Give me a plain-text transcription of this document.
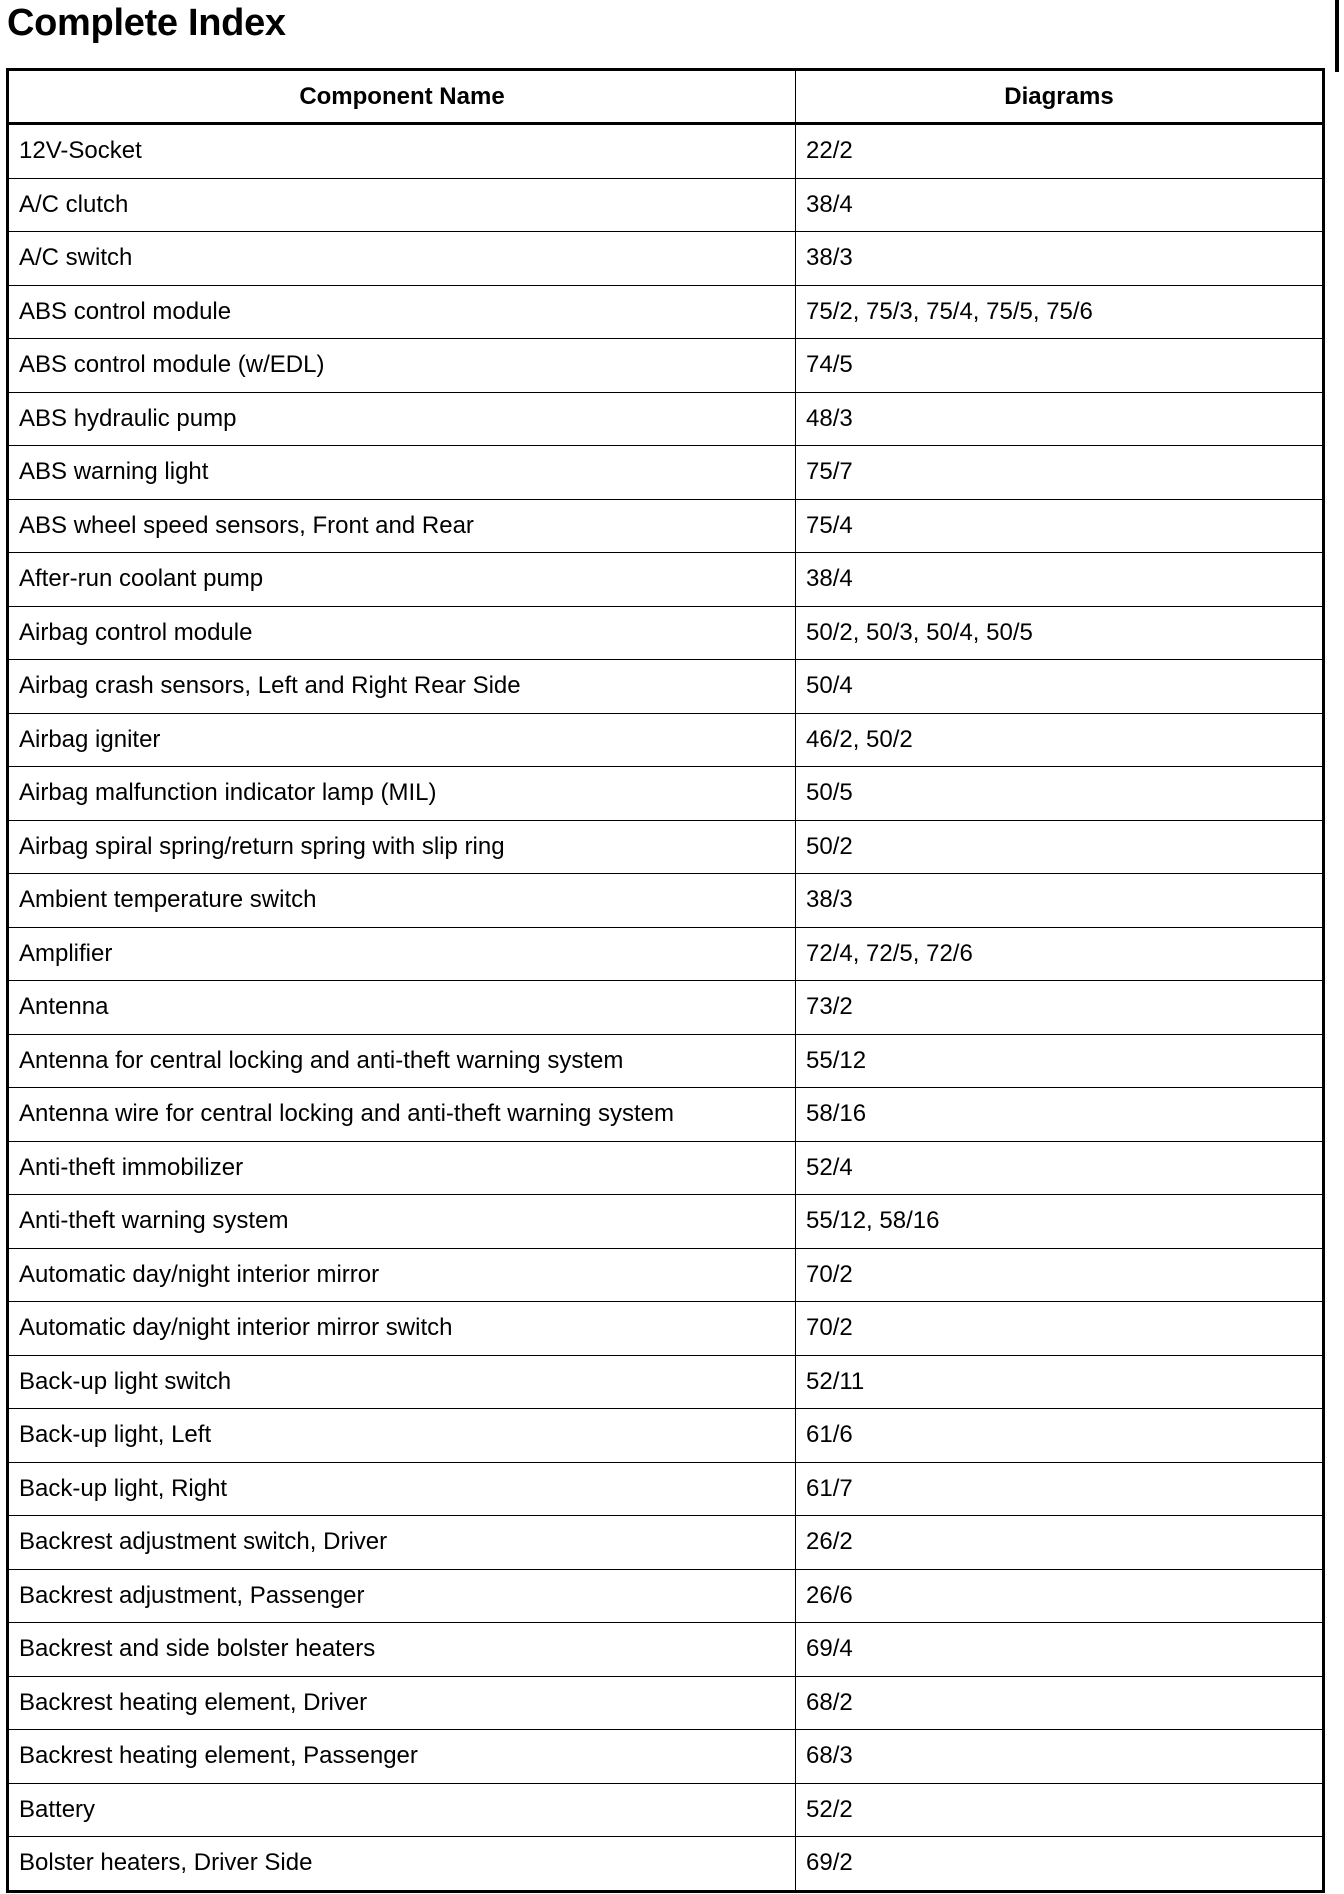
Complete Index
Component Name	Diagrams
12V-Socket	22/2
A/C clutch	38/4
A/C switch	38/3
ABS control module	75/2, 75/3, 75/4, 75/5, 75/6
ABS control module (w/EDL)	74/5
ABS hydraulic pump	48/3
ABS warning light	75/7
ABS wheel speed sensors, Front and Rear	75/4
After-run coolant pump	38/4
Airbag control module	50/2, 50/3, 50/4, 50/5
Airbag crash sensors, Left and Right Rear Side	50/4
Airbag igniter	46/2, 50/2
Airbag malfunction indicator lamp (MIL)	50/5
Airbag spiral spring/return spring with slip ring	50/2
Ambient temperature switch	38/3
Amplifier	72/4, 72/5, 72/6
Antenna	73/2
Antenna for central locking and anti-theft warning system	55/12
Antenna wire for central locking and anti-theft warning system	58/16
Anti-theft immobilizer	52/4
Anti-theft warning system	55/12, 58/16
Automatic day/night interior mirror	70/2
Automatic day/night interior mirror switch	70/2
Back-up light switch	52/11
Back-up light, Left	61/6
Back-up light, Right	61/7
Backrest adjustment switch, Driver	26/2
Backrest adjustment, Passenger	26/6
Backrest and side bolster heaters	69/4
Backrest heating element, Driver	68/2
Backrest heating element, Passenger	68/3
Battery	52/2
Bolster heaters, Driver Side	69/2
